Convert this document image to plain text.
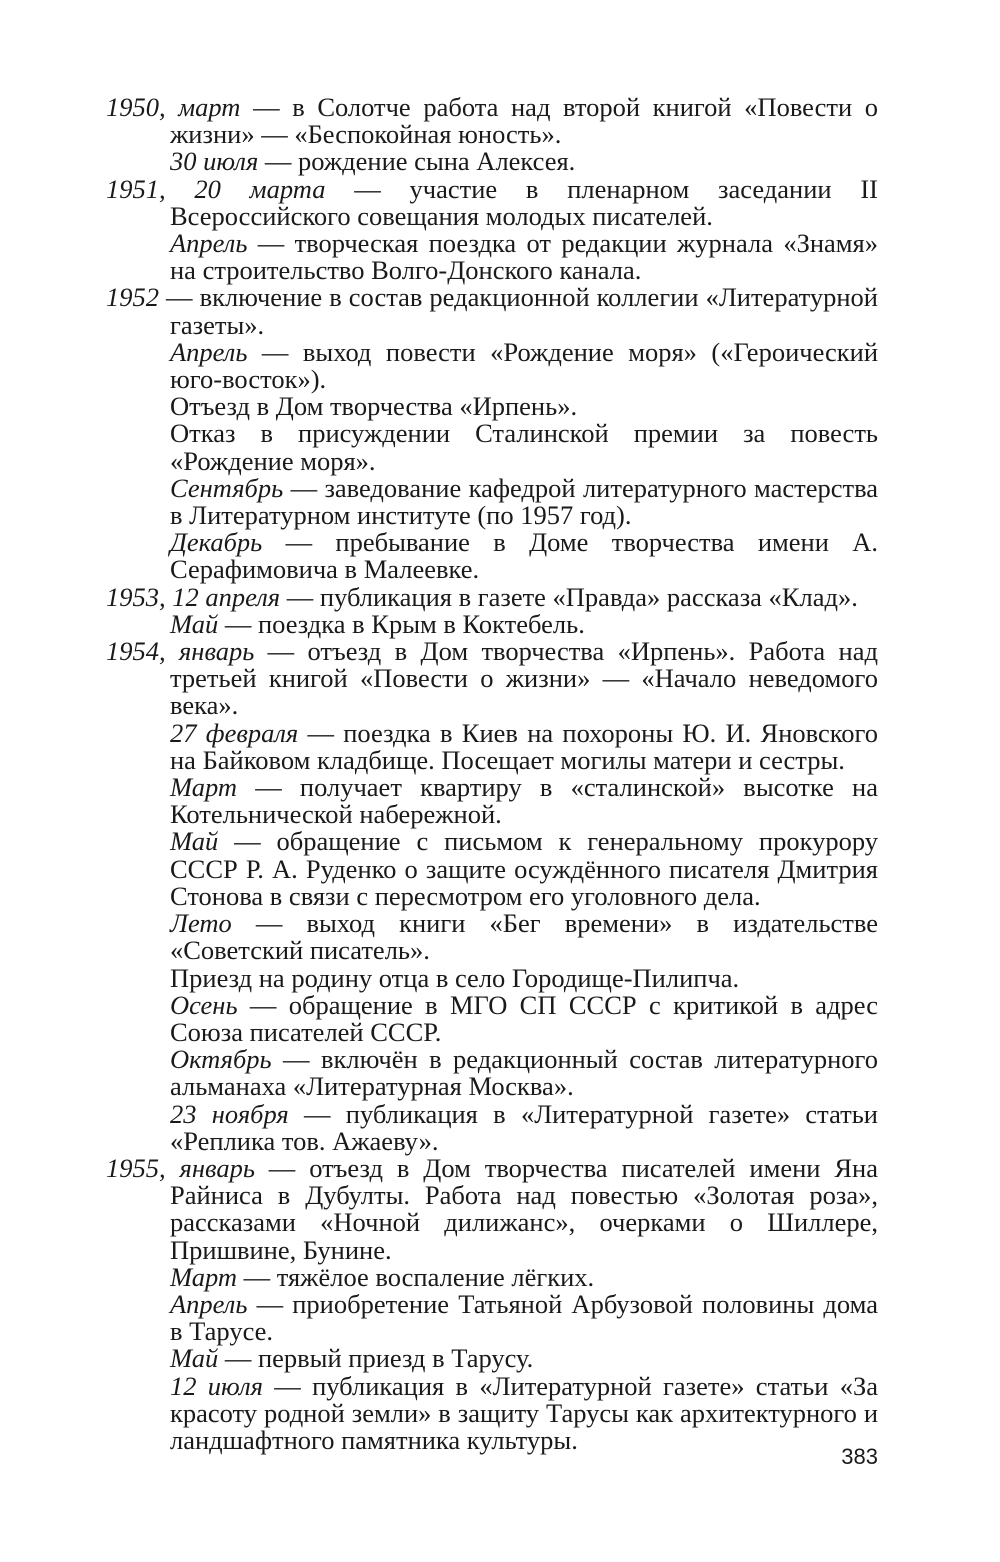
1950, март — в Солотче работа над второй книгой «Повести о жизни» — «Беспокойная юность».

30 июля — рождение сына Алексея.

1951, 20 марта — участие в пленарном заседании II Всероссийского совещания молодых писателей.

Апрель — творческая поездка от редакции журнала «Знамя» на строительство Волго-Донского канала.

1952 — включение в состав редакционной коллегии «Литературной газеты».

Апрель — выход повести «Рождение моря» («Героический юго-восток»).

Отъезд в Дом творчества «Ирпень».

Отказ в присуждении Сталинской премии за повесть «Рождение моря».

Сентябрь — заведование кафедрой литературного мастерства в Литературном институте (по 1957 год).

Декабрь — пребывание в Доме творчества имени А. Серафимовича в Малеевке.

1953, 12 апреля — публикация в газете «Правда» рассказа «Клад».

Май — поездка в Крым в Коктебель.

1954, январь — отъезд в Дом творчества «Ирпень». Работа над третьей книгой «Повести о жизни» — «Начало неведомого века».

27 февраля — поездка в Киев на похороны Ю. И. Яновского на Байковом кладбище. Посещает могилы матери и сестры.

Март — получает квартиру в «сталинской» высотке на Котельнической набережной.

Май — обращение с письмом к генеральному прокурору СССР Р. А. Руденко о защите осуждённого писателя Дмитрия Стонова в связи с пересмотром его уголовного дела.

Лето — выход книги «Бег времени» в издательстве «Советский писатель».

Приезд на родину отца в село Городище-Пилипча.

Осень — обращение в МГО СП СССР с критикой в адрес Союза писателей СССР.

Октябрь — включён в редакционный состав литературного альманаха «Литературная Москва».

23 ноября — публикация в «Литературной газете» статьи «Реплика тов. Ажаеву».

1955, январь — отъезд в Дом творчества писателей имени Яна Райниса в Дубулты. Работа над повестью «Золотая роза», рассказами «Ночной дилижанс», очерками о Шиллере, Пришвине, Бунине.

Март — тяжёлое воспаление лёгких.

Апрель — приобретение Татьяной Арбузовой половины дома в Тарусе.

Май — первый приезд в Тарусу.

12 июля — публикация в «Литературной газете» статьи «За красоту родной земли» в защиту Тарусы как архитектурного и ландшафтного памятника культуры.

383
